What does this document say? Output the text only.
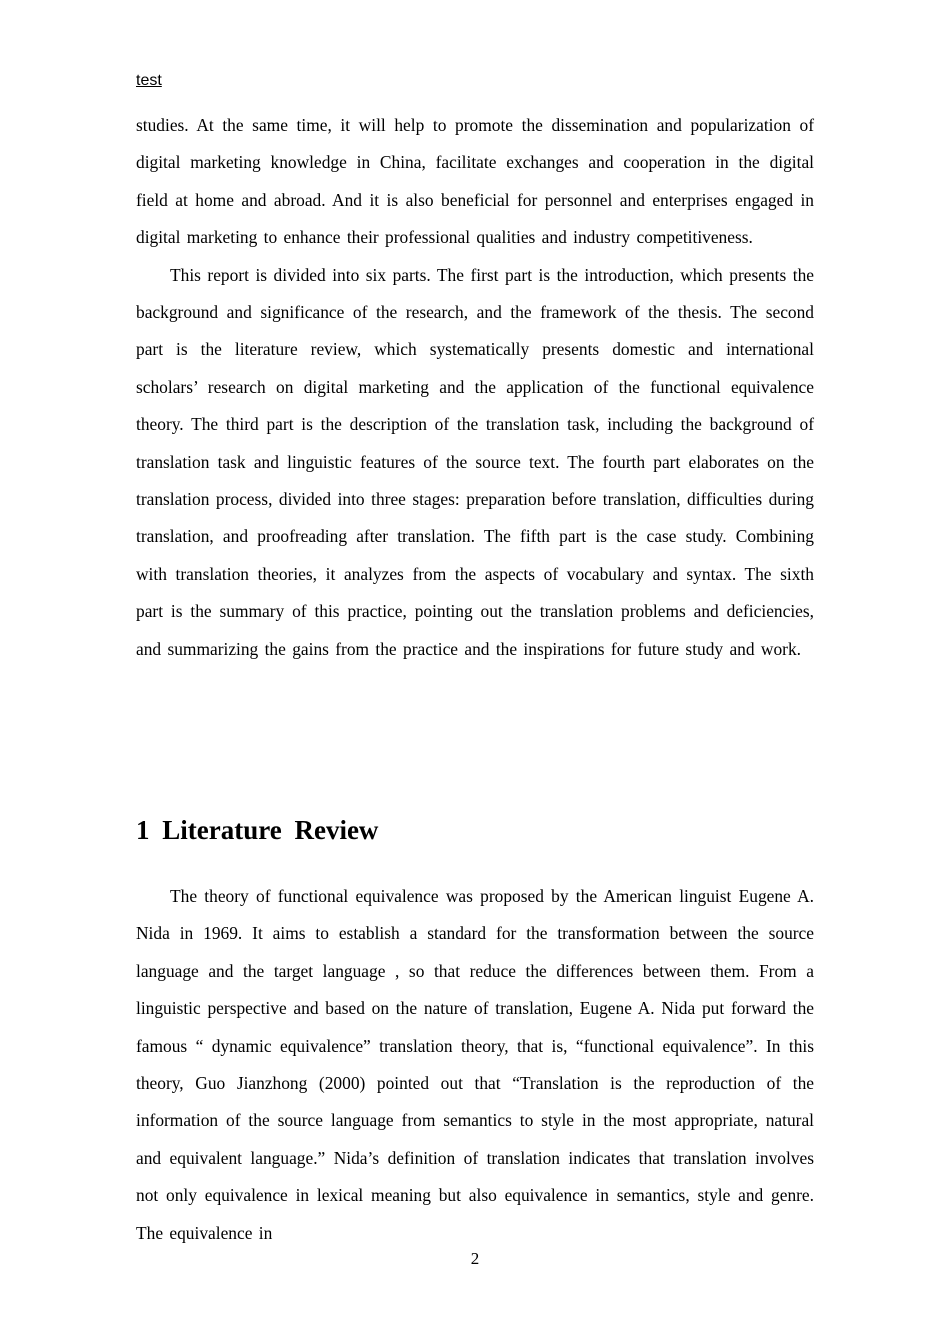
test

studies. At the same time, it will help to promote the dissemination and popularization of digital marketing knowledge in China, facilitate exchanges and cooperation in the digital field at home and abroad. And it is also beneficial for personnel and enterprises engaged in digital marketing to enhance their professional qualities and industry competitiveness.

This report is divided into six parts. The first part is the introduction, which presents the background and significance of the research, and the framework of the thesis. The second part is the literature review, which systematically presents domestic and international scholars’ research on digital marketing and the application of the functional equivalence theory. The third part is the description of the translation task, including the background of translation task and linguistic features of the source text. The fourth part elaborates on the translation process, divided into three stages: preparation before translation, difficulties during translation, and proofreading after translation. The fifth part is the case study. Combining with translation theories, it analyzes from the aspects of vocabulary and syntax. The sixth part is the summary of this practice, pointing out the translation problems and deficiencies, and summarizing the gains from the practice and the inspirations for future study and work.

1 Literature Review

The theory of functional equivalence was proposed by the American linguist Eugene A. Nida in 1969. It aims to establish a standard for the transformation between the source language and the target language , so that reduce the differences between them. From a linguistic perspective and based on the nature of translation, Eugene A. Nida put forward the famous “ dynamic equivalence” translation theory, that is, “functional equivalence”. In this theory, Guo Jianzhong (2000) pointed out that “Translation is the reproduction of the information of the source language from semantics to style in the most appropriate, natural and equivalent language.” Nida’s definition of translation indicates that translation involves not only equivalence in lexical meaning but also equivalence in semantics, style and genre. The equivalence in

2
